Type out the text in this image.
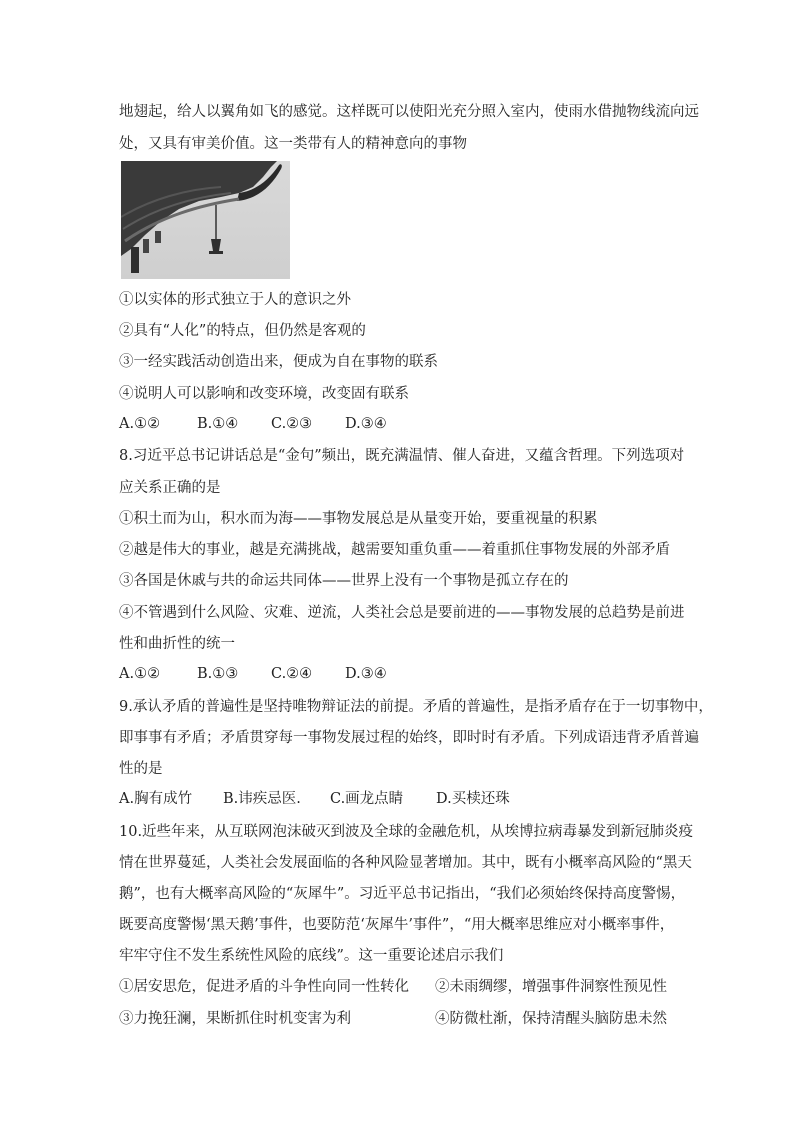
地翅起，给人以翼角如飞的感觉。这样既可以使阳光充分照入室内，使雨水借抛物线流向远
处，又具有审美价值。这一类带有人的精神意向的事物
①以实体的形式独立于人的意识之外
②具有“人化”的特点，但仍然是客观的
③一经实践活动创造出来，便成为自在事物的联系
④说明人可以影响和改变环境，改变固有联系
A.①②	B.①④ C.②③ D.③④
8.习近平总书记讲话总是“金句”频出，既充满温情、催人奋进，又蕴含哲理。下列选项对
应关系正确的是
①积土而为山，积水而为海——事物发展总是从量变开始，要重视量的积累
②越是伟大的事业，越是充满挑战，越需要知重负重——着重抓住事物发展的外部矛盾
③各国是休戚与共的命运共同体——世界上没有一个事物是孤立存在的
④不管遇到什么风险、灾难、逆流，人类社会总是要前进的——事物发展的总趋势是前进
性和曲折性的统一
A.①②	B.①③ C.②④ D.③④
9.承认矛盾的普遍性是坚持唯物辩证法的前提。矛盾的普遍性，是指矛盾存在于一切事物中，
即事事有矛盾；矛盾贯穿每一事物发展过程的始终，即时时有矛盾。下列成语违背矛盾普遍
性的是
A.胸有成竹 B.讳疾忌医. C.画龙点睛 D.买椟还珠
10.近些年来，从互联网泡沫破灭到波及全球的金融危机，从埃博拉病毒暴发到新冠肺炎疫
情在世界蔓延，人类社会发展面临的各种风险显著增加。其中，既有小概率高风险的“黑天
鹅”，也有大概率高风险的“灰犀牛”。习近平总书记指出，“我们必须始终保持高度警惕，
既要高度警惕‘黑天鹅’事件，也要防范‘灰犀牛’事件”，“用大概率思维应对小概率事件，
牢牢守住不发生系统性风险的底线”。这一重要论述启示我们
①居安思危，促进矛盾的斗争性向同一性转化 ②未雨绸缪，增强事件洞察性预见性
③力挽狂澜，果断抓住时机变害为利	④防微杜渐，保持清醒头脑防患未然
